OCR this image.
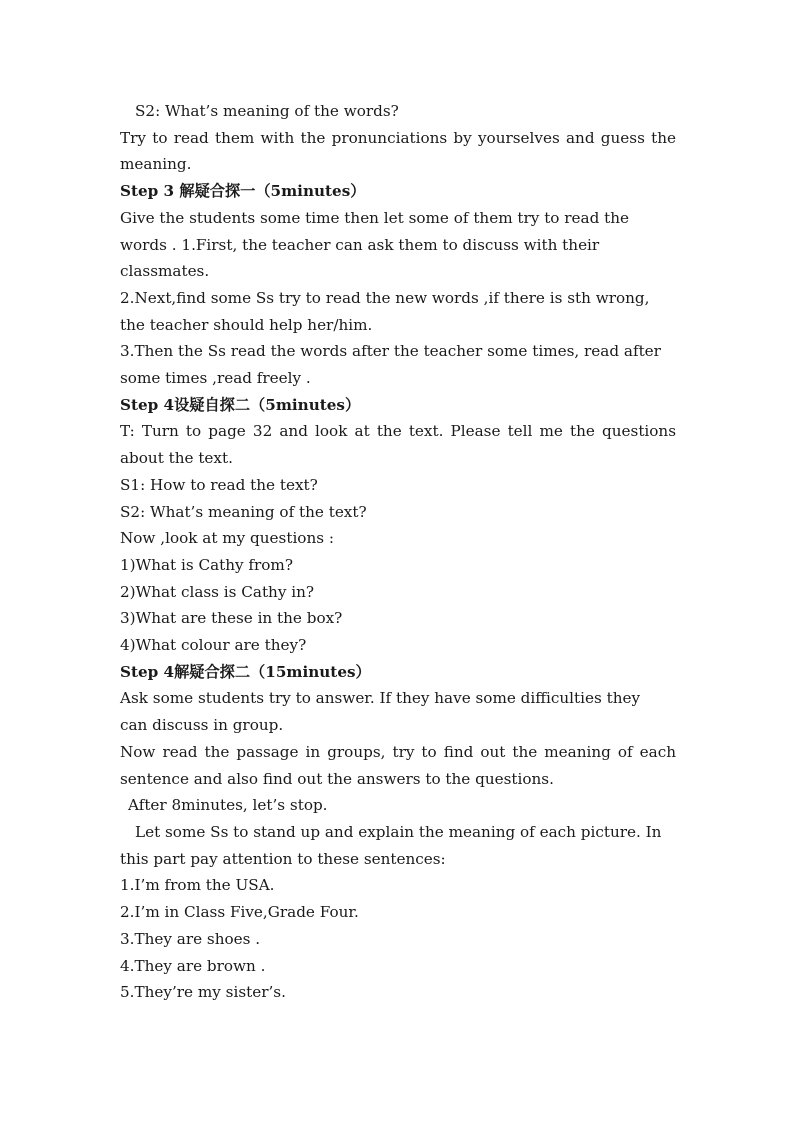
S2: What’s meaning of the words?
Try to read them with the pronunciations by yourselves and guess the
meaning.
Step 3 解疑合探一（5minutes）
Give the students some time then let some of them try to read the
words . 1.First, the teacher can ask them to discuss with their
classmates.
2.Next,find some Ss try to read the new words ,if there is sth wrong,
the teacher should help her/him.
3.Then the Ss read the words after the teacher some times, read after
some times ,read freely .
Step 4设疑自探二（5minutes）
T: Turn to page 32 and look at the text. Please tell me the questions
about the text.
S1: How to read the text?
S2: What’s meaning of the text?
Now ,look at my questions :
1)What is Cathy from?
2)What class is Cathy in?
3)What are these in the box?
4)What colour are they?
Step 4解疑合探二（15minutes）
Ask some students try to answer. If they have some difficulties they
can discuss in group.
Now read the passage in groups, try to find out the meaning of each
sentence and also find out the answers to the questions.
After 8minutes, let’s stop.
Let some Ss to stand up and explain the meaning of each picture. In
this part pay attention to these sentences:
1.I’m from the USA.
2.I’m in Class Five,Grade Four.
3.They are shoes .
4.They are brown .
5.They’re my sister’s.
